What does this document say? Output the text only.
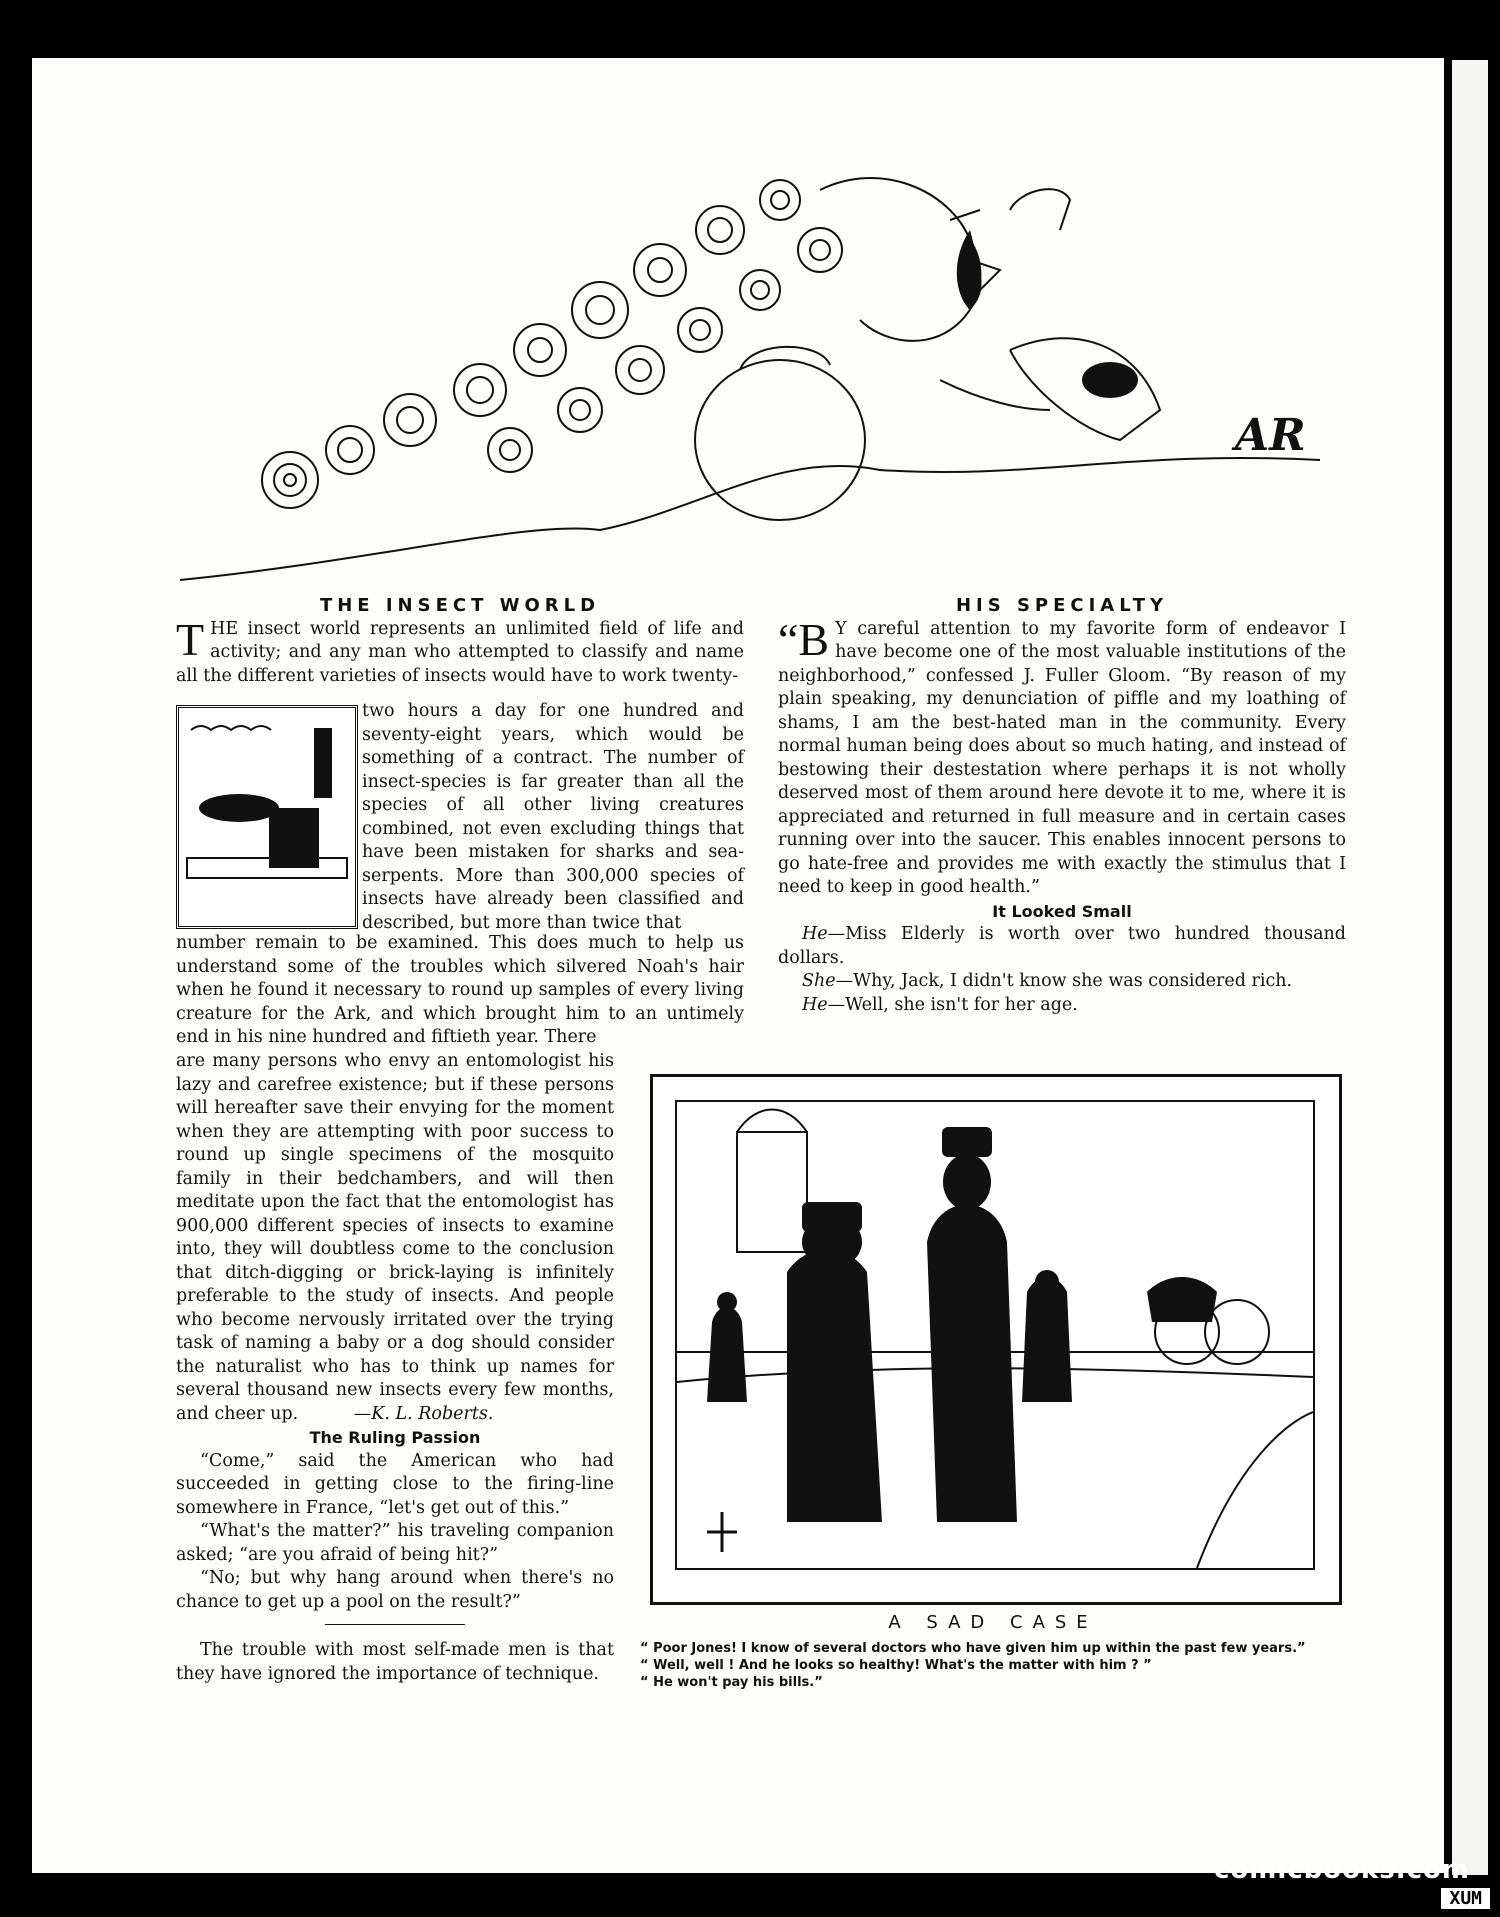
AR

THE INSECT WORLD

THE insect world represents an unlimited field of life and activity; and any man who attempted to classify and name all the different varieties of insects would have to work twenty-

two hours a day for one hundred and seventy-eight years, which would be something of a contract. The number of insect-species is far greater than all the species of all other living creatures combined, not even excluding things that have been mistaken for sharks and sea-serpents. More than 300,000 species of insects have already been classified and described, but more than twice that

number remain to be examined. This does much to help us understand some of the troubles which silvered Noah's hair when he found it necessary to round up samples of every living creature for the Ark, and which brought him to an untimely end in his nine hundred and fiftieth year. There

are many persons who envy an entomologist his lazy and carefree existence; but if these persons will hereafter save their envying for the moment when they are attempting with poor success to round up single specimens of the mosquito family in their bedchambers, and will then meditate upon the fact that the entomologist has 900,000 different species of insects to examine into, they will doubtless come to the conclusion that ditch-digging or brick-laying is infinitely preferable to the study of insects. And people who become nervously irritated over the trying task of naming a baby or a dog should consider the naturalist who has to think up names for several thousand new insects every few months, and cheer up.	—K. L. Roberts.

The Ruling Passion

“Come,” said the American who had succeeded in getting close to the firing-line somewhere in France, “let's get out of this.”

“What's the matter?” his traveling companion asked; “are you afraid of being hit?”

“No; but why hang around when there's no chance to get up a pool on the result?”

The trouble with most self-made men is that they have ignored the importance of technique.

HIS SPECIALTY

“B Y careful attention to my favorite form of endeavor I have become one of the most valuable institutions of the neighborhood,” confessed J. Fuller Gloom. “By reason of my plain speaking, my denunciation of piffle and my loathing of shams, I am the best-hated man in the community. Every normal human being does about so much hating, and instead of bestowing their destestation where perhaps it is not wholly deserved most of them around here devote it to me, where it is appreciated and returned in full measure and in certain cases running over into the saucer. This enables innocent persons to go hate-free and provides me with exactly the stimulus that I need to keep in good health.”

It Looked Small

He—Miss Elderly is worth over two hundred thousand dollars.

She—Why, Jack, I didn't know she was considered rich.

He—Well, she isn't for her age.

A SAD CASE
“ Poor Jones! I know of several doctors who have given him up within the past few years.”
“ Well, well ! And he looks so healthy! What's the matter with him ? ”
“ He won't pay his bills.”
comicbooks.com
XUM
